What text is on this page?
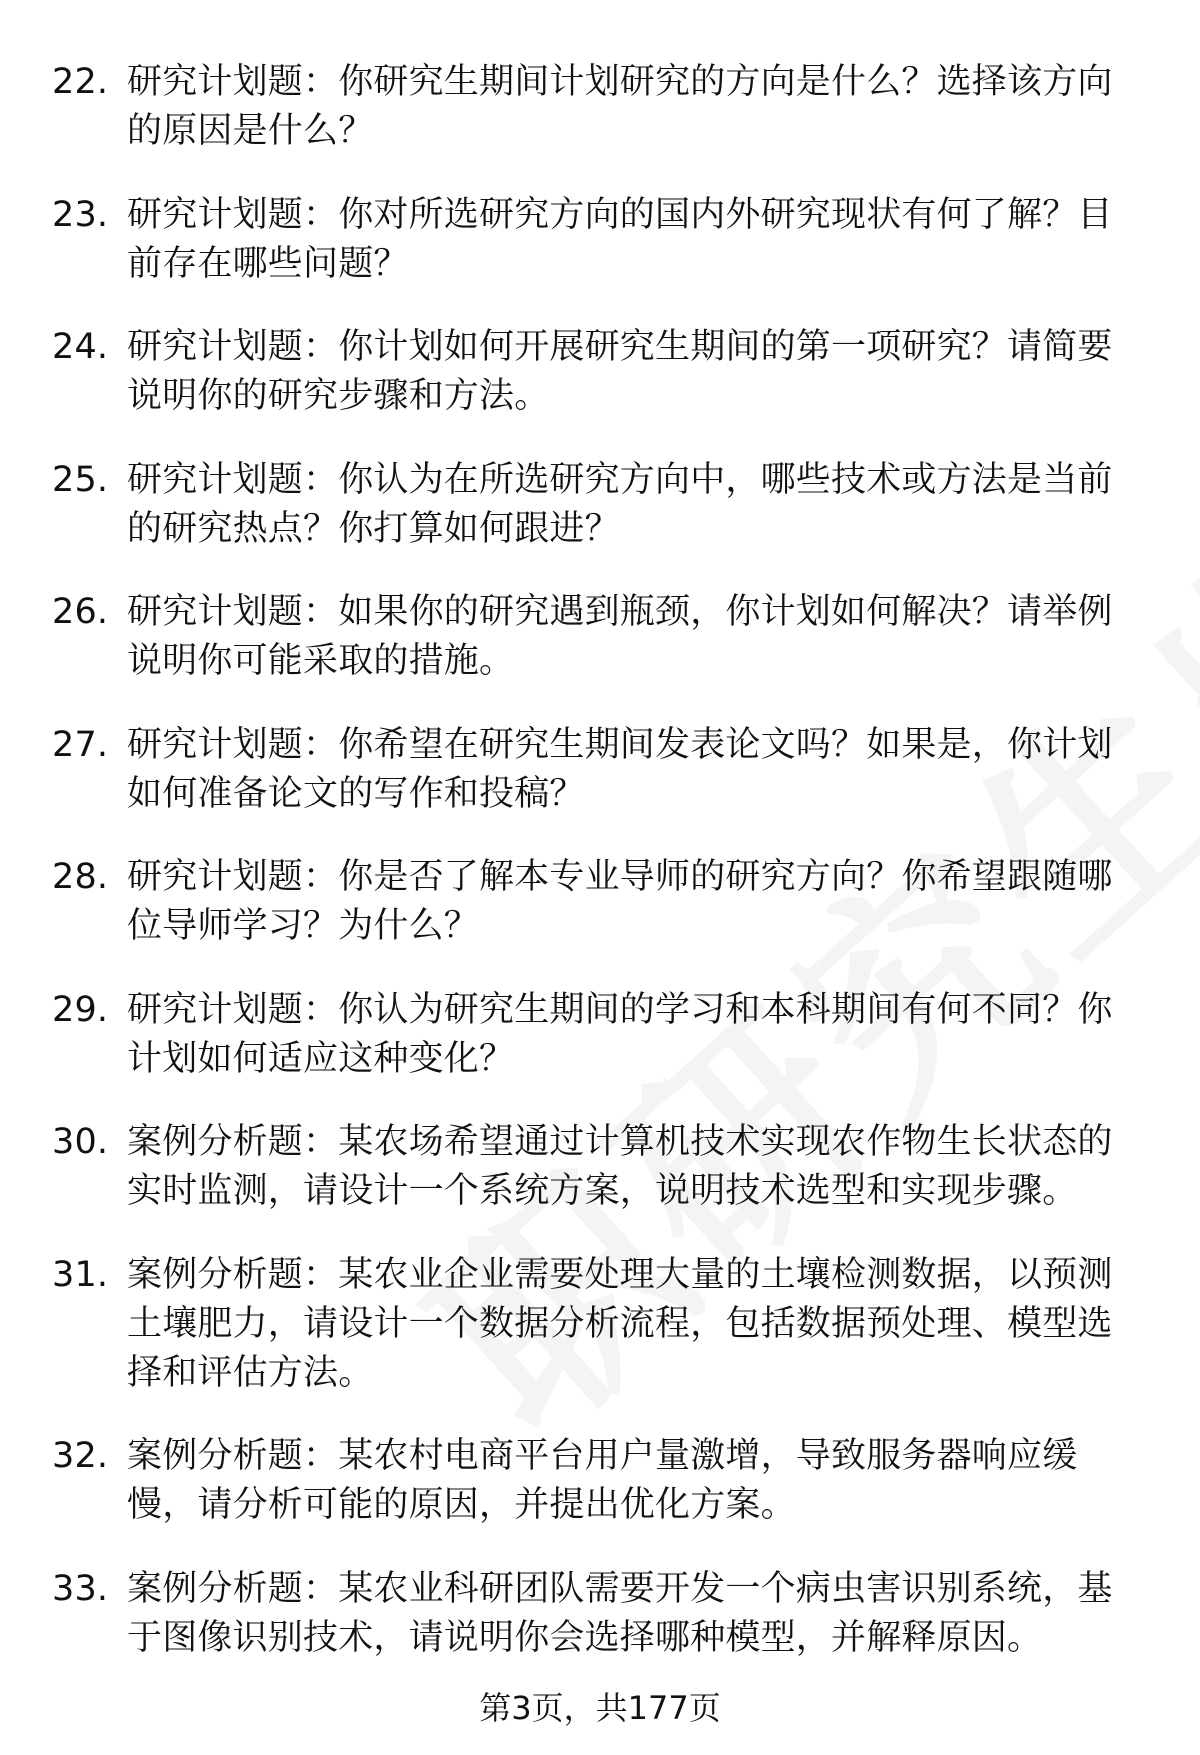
22. 研究计划题：你研究生期间计划研究的方向是什么？选择该方向的原因是什么？
23. 研究计划题：你对所选研究方向的国内外研究现状有何了解？目前存在哪些问题？
24. 研究计划题：你计划如何开展研究生期间的第一项研究？请简要说明你的研究步骤和方法。
25. 研究计划题：你认为在所选研究方向中，哪些技术或方法是当前的研究热点？你打算如何跟进？
26. 研究计划题：如果你的研究遇到瓶颈，你计划如何解决？请举例说明你可能采取的措施。
27. 研究计划题：你希望在研究生期间发表论文吗？如果是，你计划如何准备论文的写作和投稿？
28. 研究计划题：你是否了解本专业导师的研究方向？你希望跟随哪位导师学习？为什么？
29. 研究计划题：你认为研究生期间的学习和本科期间有何不同？你计划如何适应这种变化？
30. 案例分析题：某农场希望通过计算机技术实现农作物生长状态的实时监测，请设计一个系统方案，说明技术选型和实现步骤。
31. 案例分析题：某农业企业需要处理大量的土壤检测数据，以预测土壤肥力，请设计一个数据分析流程，包括数据预处理、模型选择和评估方法。
32. 案例分析题：某农村电商平台用户量激增，导致服务器响应缓慢，请分析可能的原因，并提出优化方案。
33. 案例分析题：某农业科研团队需要开发一个病虫害识别系统，基于图像识别技术，请说明你会选择哪种模型，并解释原因。
第3页，共177页
